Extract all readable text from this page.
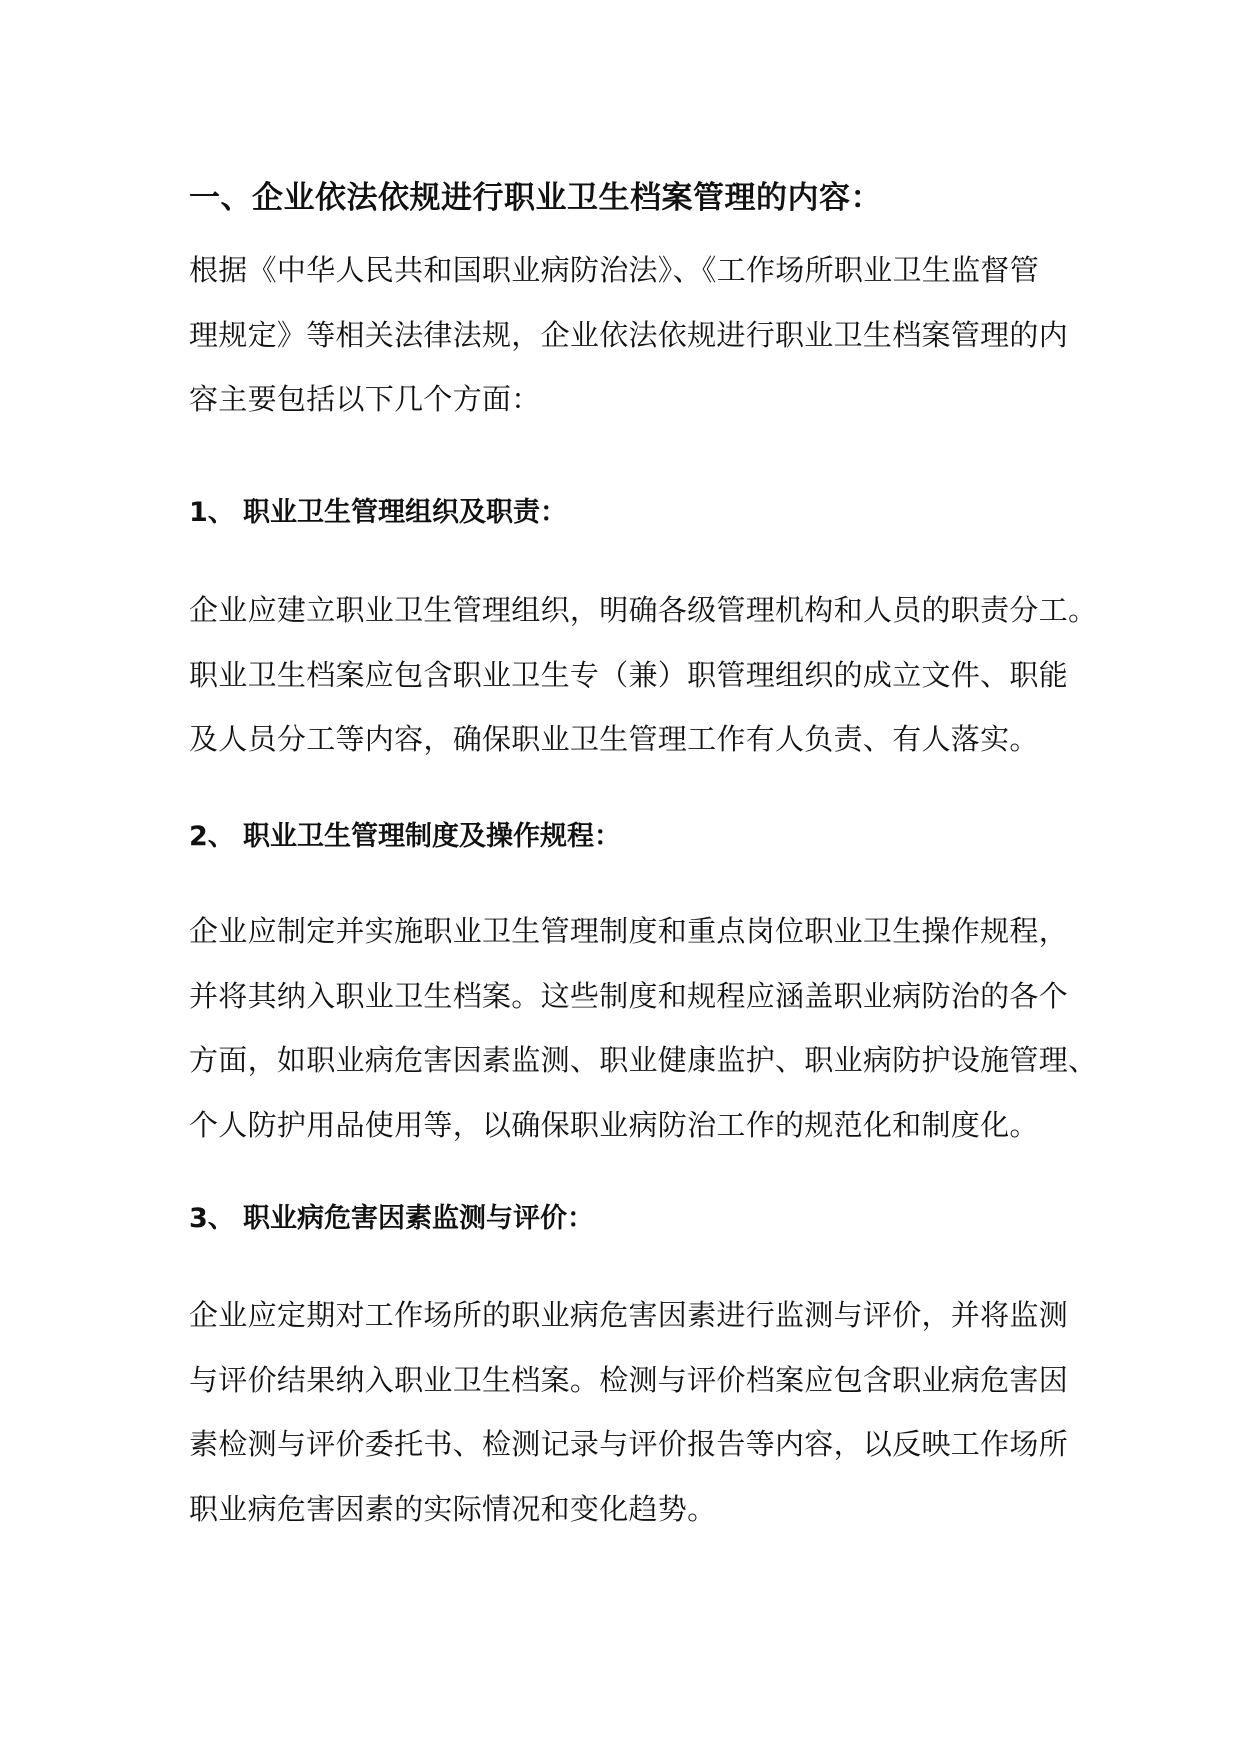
一、企业依法依规进行职业卫生档案管理的内容：
根据《中华人民共和国职业病防治法》、《工作场所职业卫生监督管
理规定》等相关法律法规，企业依法依规进行职业卫生档案管理的内
容主要包括以下几个方面：
1、 职业卫生管理组织及职责：
企业应建立职业卫生管理组织，明确各级管理机构和人员的职责分工。
职业卫生档案应包含职业卫生专（兼）职管理组织的成立文件、职能
及人员分工等内容，确保职业卫生管理工作有人负责、有人落实。
2、 职业卫生管理制度及操作规程：
企业应制定并实施职业卫生管理制度和重点岗位职业卫生操作规程，
并将其纳入职业卫生档案。这些制度和规程应涵盖职业病防治的各个
方面，如职业病危害因素监测、职业健康监护、职业病防护设施管理、
个人防护用品使用等，以确保职业病防治工作的规范化和制度化。
3、 职业病危害因素监测与评价：
企业应定期对工作场所的职业病危害因素进行监测与评价，并将监测
与评价结果纳入职业卫生档案。检测与评价档案应包含职业病危害因
素检测与评价委托书、检测记录与评价报告等内容，以反映工作场所
职业病危害因素的实际情况和变化趋势。
